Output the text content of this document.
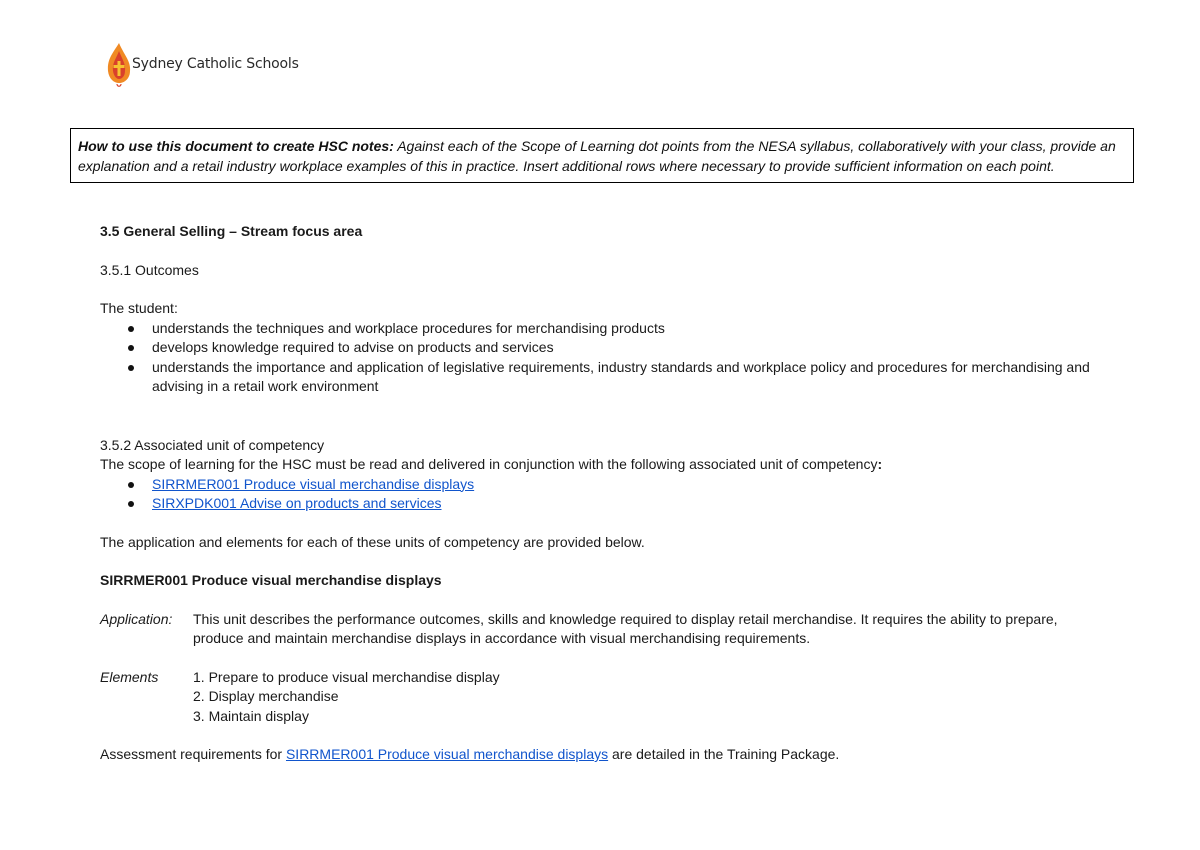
Sydney Catholic Schools
How to use this document to create HSC notes: Against each of the Scope of Learning dot points from the NESA syllabus, collaboratively with your class, provide an explanation and a retail industry workplace examples of this in practice. Insert additional rows where necessary to provide sufficient information on each point.

3.5 General Selling – Stream focus area

3.5.1 Outcomes

The student:

understands the techniques and workplace procedures for merchandising products
develops knowledge required to advise on products and services
understands the importance and application of legislative requirements, industry standards and workplace policy and procedures for merchandising and advising in a retail work environment

3.5.2 Associated unit of competency

The scope of learning for the HSC must be read and delivered in conjunction with the following associated unit of competency:

SIRRMER001 Produce visual merchandise displays
SIRXPDK001 Advise on products and services

The application and elements for each of these units of competency are provided below.

SIRRMER001 Produce visual merchandise displays

Application:	This unit describes the performance outcomes, skills and knowledge required to display retail merchandise. It requires the ability to prepare, produce and maintain merchandise displays in accordance with visual merchandising requirements.
Elements	1. Prepare to produce visual merchandise display
2. Display merchandise
3. Maintain display

Assessment requirements for SIRRMER001 Produce visual merchandise displays are detailed in the Training Package.
